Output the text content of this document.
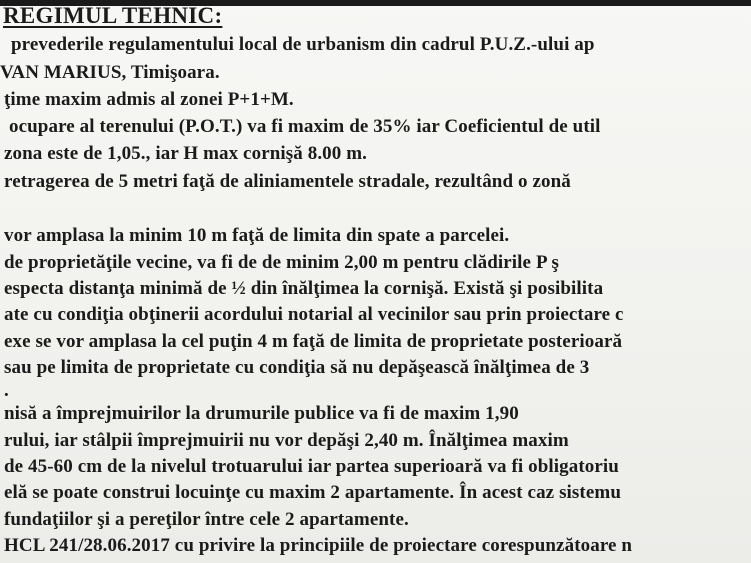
REGIMUL TEHNIC:
prevederile regulamentului local de urbanism din cadrul P.U.Z.-ului ap
VAN MARIUS, Timişoara.
ţime maxim admis al zonei P+1+M.
ocupare al terenului (P.O.T.) va fi maxim de 35% iar Coeficientul de util
zona este de 1,05., iar H max cornişă 8.00 m.
retragerea de 5 metri faţă de aliniamentele stradale, rezultând o zonă
vor amplasa la minim 10 m faţă de limita din spate a parcelei.
de proprietăţile vecine, va fi de de minim 2,00 m pentru clădirile P ş
especta distanţa minimă de ½ din înălţimea la cornişă. Există şi posibilita
ate cu condiţia obţinerii acordului notarial al vecinilor sau prin proiectare c
exe se vor amplasa la cel puţin 4 m faţă de limita de proprietate posterioară
sau pe limita de proprietate cu condiţia să nu depăşească înălţimea de 3
.
nisă a împrejmuirilor la drumurile publice va fi de maxim 1,90
rului, iar stâlpii împrejmuirii nu vor depăşi 2,40 m. Înălţimea maxim
de 45-60 cm de la nivelul trotuarului iar partea superioară va fi obligatoriu
elă se poate construi locuinţe cu maxim 2 apartamente. În acest caz sistemu
fundaţiilor şi a pereţilor între cele 2 apartamente.
HCL 241/28.06.2017 cu privire la principiile de proiectare corespunzătoare n
